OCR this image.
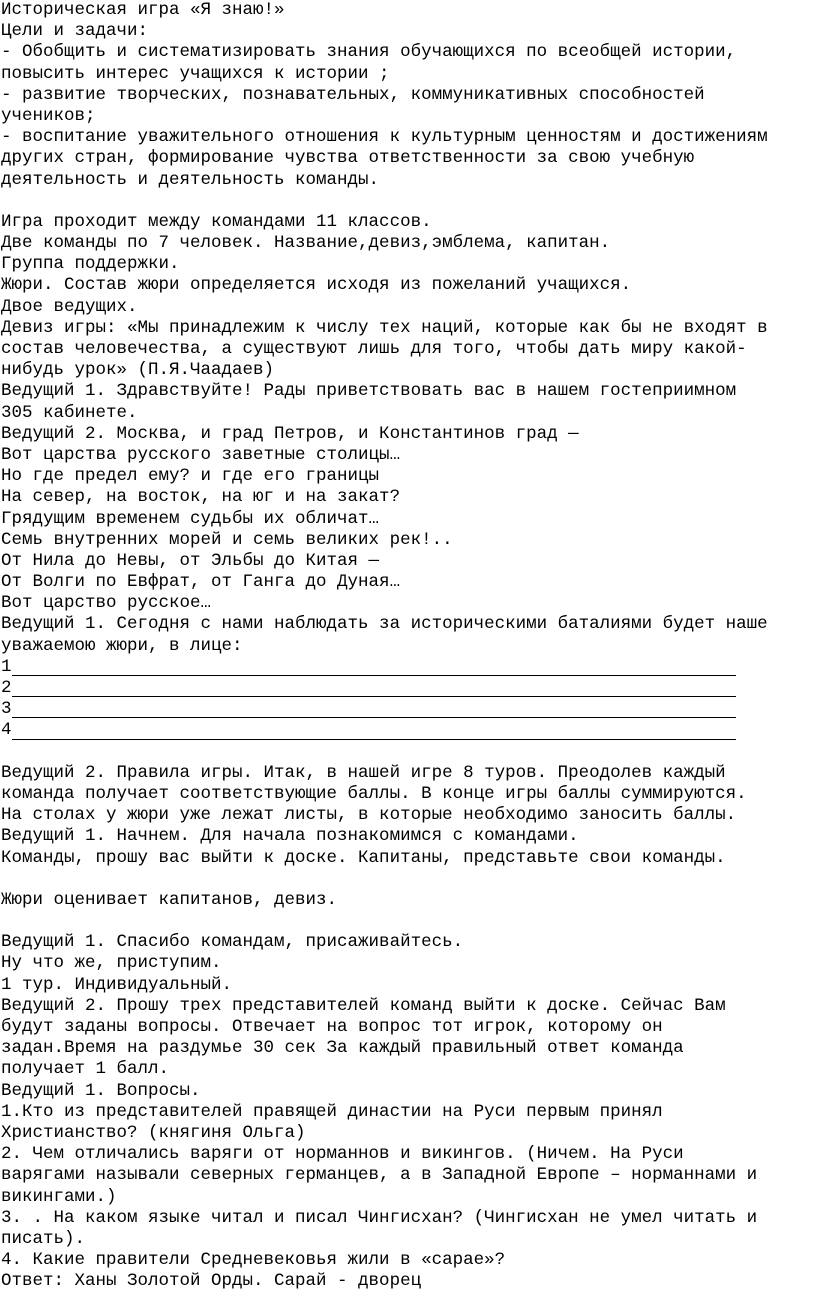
Историческая игра «Я знаю!»
Цели и задачи:
- Обобщить и систематизировать знания обучающихся по всеобщей истории,
повысить интерес учащихся к истории ;
- развитие творческих, познавательных, коммуникативных способностей
учеников;
- воспитание уважительного отношения к культурным ценностям и достижениям
других стран, формирование чувства ответственности за свою учебную
деятельность и деятельность команды.
Игра проходит между командами 11 классов.
Две команды по 7 человек. Название,девиз,эмблема, капитан.
Группа поддержки.
Жюри. Состав жюри определяется исходя из пожеланий учащихся.
Двое ведущих.
Девиз игры: «Мы принадлежим к числу тех наций, которые как бы не входят в
состав человечества, а существуют лишь для того, чтобы дать миру какой-
нибудь урок» (П.Я.Чаадаев)
Ведущий 1. Здравствуйте! Рады приветствовать вас в нашем гостеприимном
305 кабинете.
Ведущий 2. Москва, и град Петров, и Константинов град —
Вот царства русского заветные столицы…
Но где предел ему? и где его границы
На север, на восток, на юг и на закат?
Грядущим временем судьбы их обличат…
Семь внутренних морей и семь великих рек!..
От Нила до Невы, от Эльбы до Китая —
От Волги по Евфрат, от Ганга до Дуная…
Вот царство русское…
Ведущий 1. Сегодня с нами наблюдать за историческими баталиями будет наше
уважаемою жюри, в лице:
1
2
3
4
Ведущий 2. Правила игры. Итак, в нашей игре 8 туров. Преодолев каждый
команда получает соответствующие баллы. В конце игры баллы суммируются.
На столах у жюри уже лежат листы, в которые необходимо заносить баллы.
Ведущий 1. Начнем. Для начала познакомимся с командами.
Команды, прошу вас выйти к доске. Капитаны, представьте свои команды.
Жюри оценивает капитанов, девиз.
Ведущий 1. Спасибо командам, присаживайтесь.
Ну что же, приступим.
1 тур. Индивидуальный.
Ведущий 2. Прошу трех представителей команд выйти к доске. Сейчас Вам
будут заданы вопросы. Отвечает на вопрос тот игрок, которому он
задан.Время на раздумье 30 сек За каждый правильный ответ команда
получает 1 балл.
Ведущий 1. Вопросы.
1.Кто из представителей правящей династии на Руси первым принял
Христианство? (княгиня Ольга)
2. Чем отличались варяги от норманнов и викингов. (Ничем. На Руси
варягами называли северных германцев, а в Западной Европе – норманнами и
викингами.)
3. . На каком языке читал и писал Чингисхан? (Чингисхан не умел читать и
писать).
4. Какие правители Средневековья жили в «сарае»?
Ответ: Ханы Золотой Орды. Сарай - дворец
